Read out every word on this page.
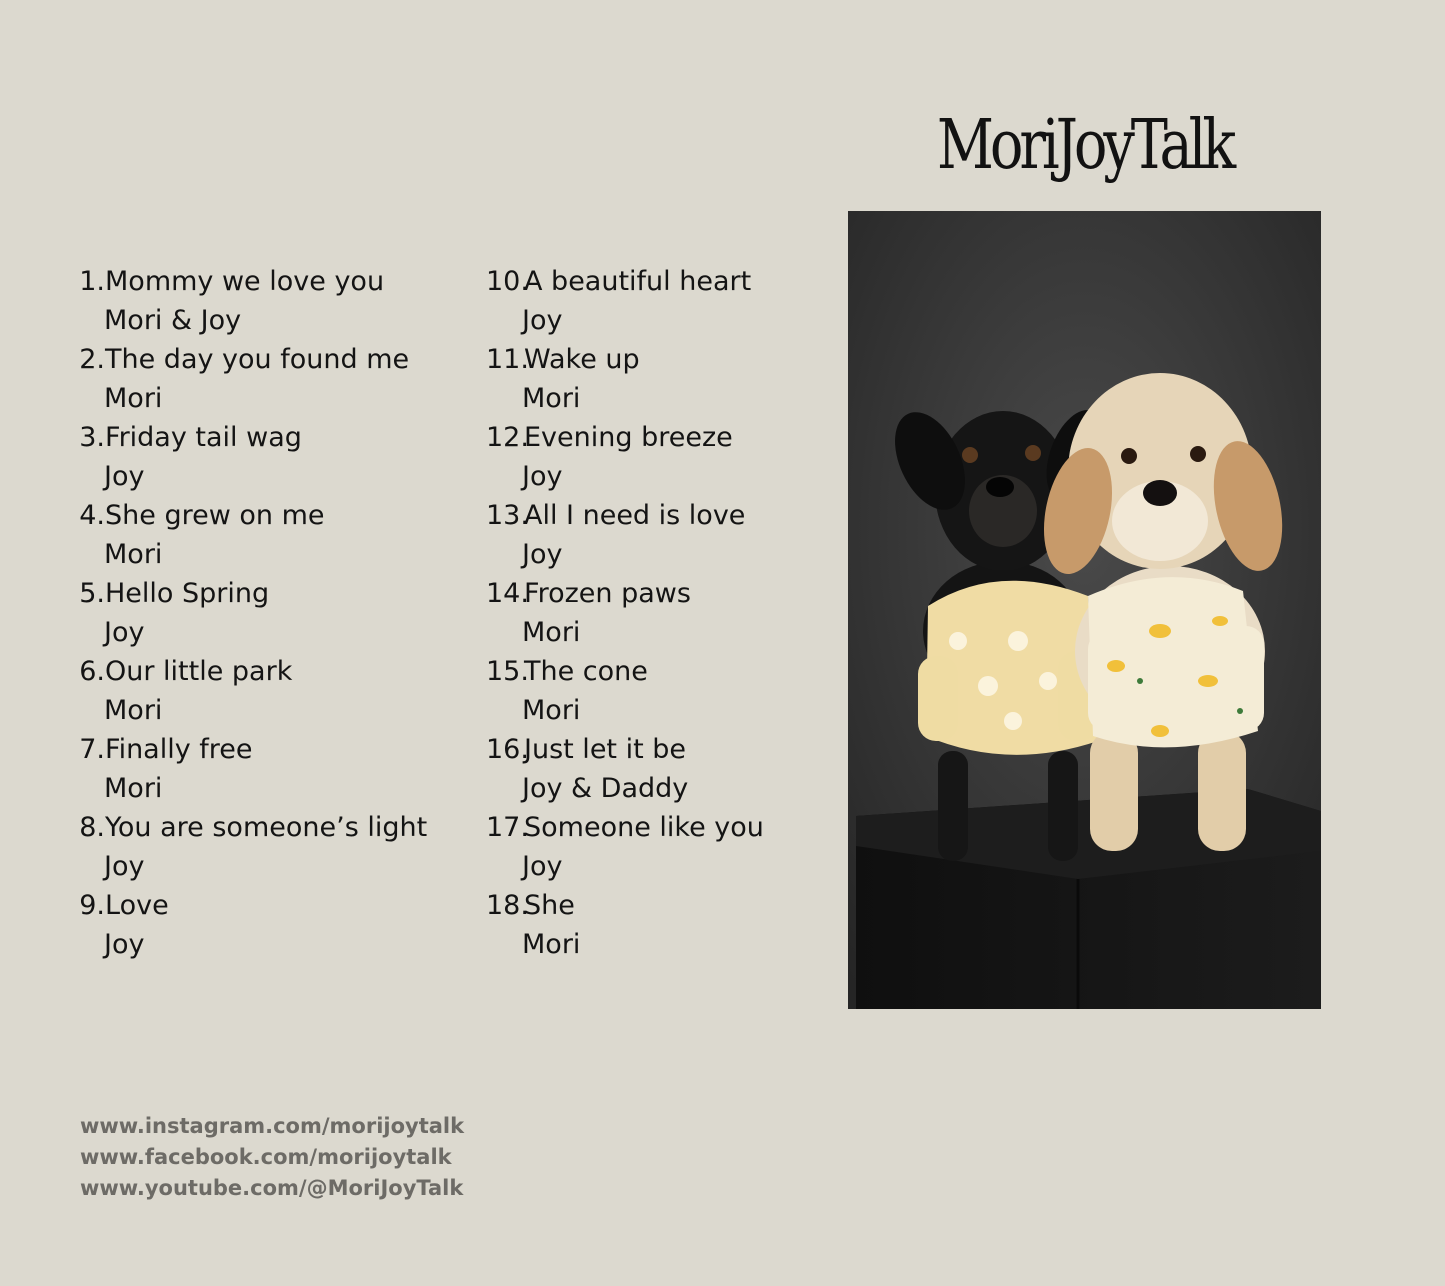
MoriJoyTalk
1. Mommy we love you
Mori & Joy
2. The day you found me
Mori
3. Friday tail wag
Joy
4. She grew on me
Mori
5. Hello Spring
Joy
6. Our little park
Mori
7. Finally free
Mori
8. You are someone’s light
Joy
9. Love
Joy
10.
A beautiful heart
Joy
11.
Wake up
Mori
12.
Evening breeze
Joy
13.
All I need is love
Joy
14.
Frozen paws
Mori
15.
The cone
Mori
16.
Just let it be
Joy & Daddy
17.
Someone like you
Joy
18.
She
Mori
www.instagram.com/morijoytalk
www.facebook.com/morijoytalk
www.youtube.com/@MoriJoyTalk
